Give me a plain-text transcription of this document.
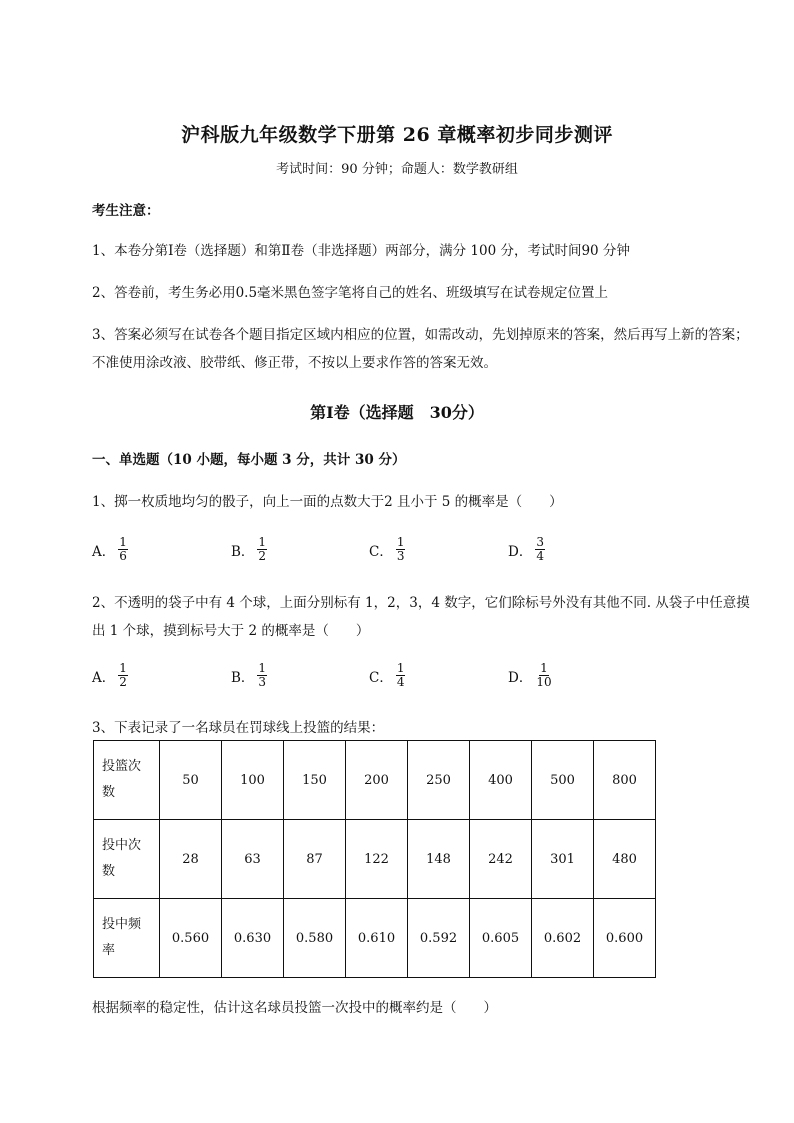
沪科版九年级数学下册第 26 章概率初步同步测评
考试时间：90 分钟；命题人：数学教研组
考生注意：
1、本卷分第Ⅰ卷（选择题）和第Ⅱ卷（非选择题）两部分，满分 100 分，考试时间90 分钟
2、答卷前，考生务必用0.5毫米黑色签字笔将自己的姓名、班级填写在试卷规定位置上
3、答案必须写在试卷各个题目指定区域内相应的位置，如需改动，先划掉原来的答案，然后再写上新的答案；不准使用涂改液、胶带纸、修正带，不按以上要求作答的答案无效。
第Ⅰ卷（选择题　30分）
一、单选题（10 小题，每小题 3 分，共计 30 分）
1、掷一枚质地均匀的骰子，向上一面的点数大于2 且小于 5 的概率是（　　）
A． $\frac{1}{6}$	B． $\frac{1}{2}$	C． $\frac{1}{3}$	D． $\frac{3}{4}$
2、不透明的袋子中有 4 个球，上面分别标有 1，2，3，4 数字，它们除标号外没有其他不同. 从袋子中任意摸出 1 个球，摸到标号大于 2 的概率是（　　）
A． $\frac{1}{2}$	B． $\frac{1}{3}$	C． $\frac{1}{4}$	D． $\frac{1}{10}$
3、下表记录了一名球员在罚球线上投篮的结果：
投篮次
数	50	100	150	200	250	400	500	800
投中次
数	28	63	87	122	148	242	301	480
投中频
率	0.560	0.630	0.580	0.610	0.592	0.605	0.602	0.600
根据频率的稳定性，估计这名球员投篮一次投中的概率约是（　　）
